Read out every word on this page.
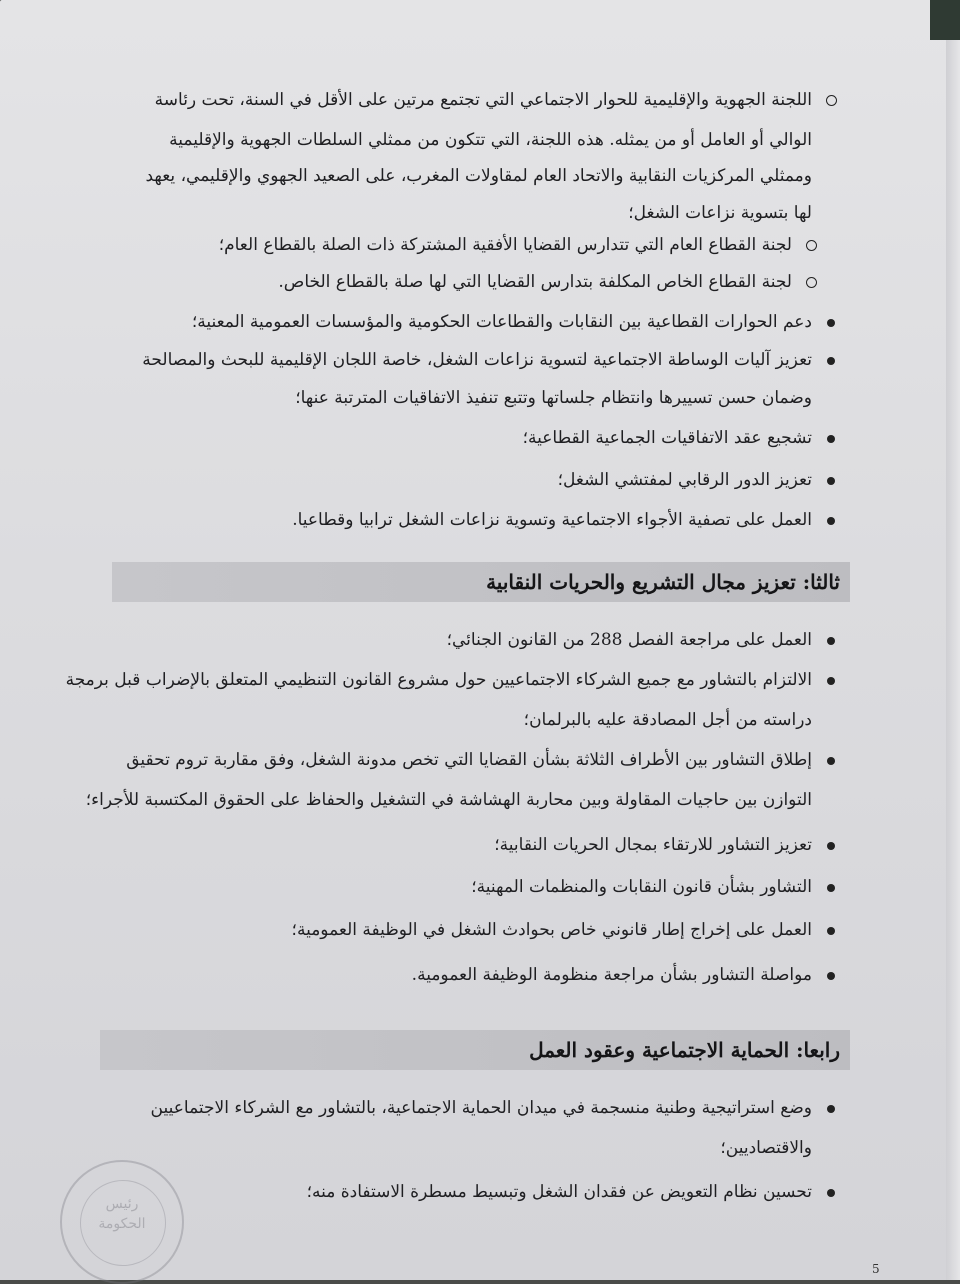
اللجنة الجهوية والإقليمية للحوار الاجتماعي التي تجتمع مرتين على الأقل في السنة، تحت رئاسة
الوالي أو العامل أو من يمثله. هذه اللجنة، التي تتكون من ممثلي السلطات الجهوية والإقليمية
وممثلي المركزيات النقابية والاتحاد العام لمقاولات المغرب، على الصعيد الجهوي والإقليمي، يعهد
لها بتسوية نزاعات الشغل؛
لجنة القطاع العام التي تتدارس القضايا الأفقية المشتركة ذات الصلة بالقطاع العام؛
لجنة القطاع الخاص المكلفة بتدارس القضايا التي لها صلة بالقطاع الخاص.
دعم الحوارات القطاعية بين النقابات والقطاعات الحكومية والمؤسسات العمومية المعنية؛
تعزيز آليات الوساطة الاجتماعية لتسوية نزاعات الشغل، خاصة اللجان الإقليمية للبحث والمصالحة
وضمان حسن تسييرها وانتظام جلساتها وتتبع تنفيذ الاتفاقيات المترتبة عنها؛
تشجيع عقد الاتفاقيات الجماعية القطاعية؛
تعزيز الدور الرقابي لمفتشي الشغل؛
العمل على تصفية الأجواء الاجتماعية وتسوية نزاعات الشغل ترابيا وقطاعيا.
ثالثا: تعزيز مجال التشريع والحريات النقابية
العمل على مراجعة الفصل 288 من القانون الجنائي؛
الالتزام بالتشاور مع جميع الشركاء الاجتماعيين حول مشروع القانون التنظيمي المتعلق بالإضراب قبل برمجة
دراسته من أجل المصادقة عليه بالبرلمان؛
إطلاق التشاور بين الأطراف الثلاثة بشأن القضايا التي تخص مدونة الشغل، وفق مقاربة تروم تحقيق
التوازن بين حاجيات المقاولة وبين محاربة الهشاشة في التشغيل والحفاظ على الحقوق المكتسبة للأجراء؛
تعزيز التشاور للارتقاء بمجال الحريات النقابية؛
التشاور بشأن قانون النقابات والمنظمات المهنية؛
العمل على إخراج إطار قانوني خاص بحوادث الشغل في الوظيفة العمومية؛
مواصلة التشاور بشأن مراجعة منظومة الوظيفة العمومية.
رابعا: الحماية الاجتماعية وعقود العمل
وضع استراتيجية وطنية منسجمة في ميدان الحماية الاجتماعية، بالتشاور مع الشركاء الاجتماعيين
والاقتصاديين؛
تحسين نظام التعويض عن فقدان الشغل وتبسيط مسطرة الاستفادة منه؛
رئيس
الحكومة
5
